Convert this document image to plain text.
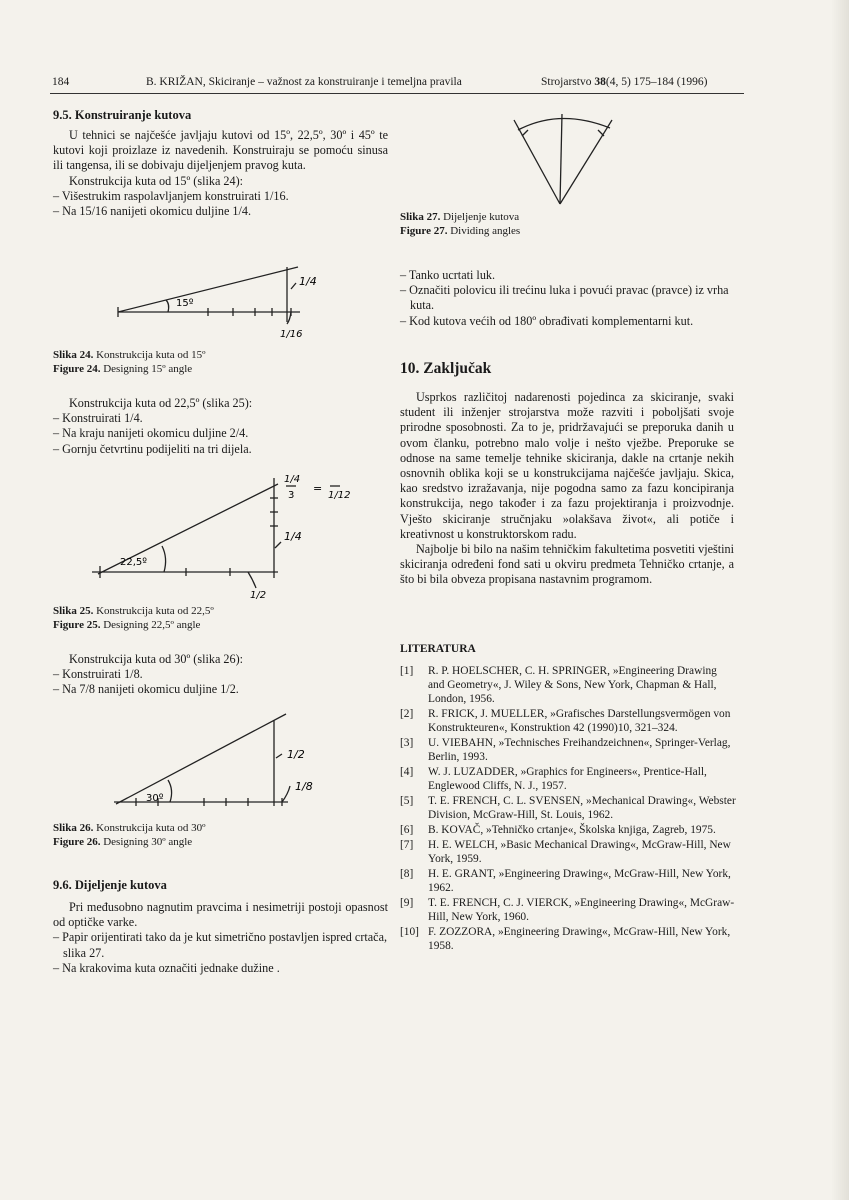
184	B. KRIŽAN, Skiciranje – važnost za konstruiranje i temeljna pravila	Strojarstvo 38(4, 5) 175–184 (1996)
9.5. Konstruiranje kutova

U tehnici se najčešće javljaju kutovi od 15º, 22,5º, 30º i 45º te kutovi koji proizlaze iz navedenih. Konstruiraju se pomoću sinusa ili tangensa, ili se dobivaju dijeljenjem pravog kuta.

Konstrukcija kuta od 15º (slika 24):

– Višestrukim raspolavljanjem konstruirati 1/16.

– Na 15/16 nanijeti okomicu duljine 1/4.

15º
1/4
1/16
Slika 24. Konstrukcija kuta od 15º
Figure 24. Designing 15º angle

Konstrukcija kuta od 22,5º (slika 25):

– Konstruirati 1/4.

– Na kraju nanijeti okomicu duljine 2/4.

– Gornju četvrtinu podijeliti na tri dijela.

22,5º
1/4
3
=
1/12
1/4
1/2
Slika 25. Konstrukcija kuta od 22,5º
Figure 25. Designing 22,5º angle

Konstrukcija kuta od 30º (slika 26):

– Konstruirati 1/8.

– Na 7/8 nanijeti okomicu duljine 1/2.

30º
1/2
1/8
Slika 26. Konstrukcija kuta od 30º
Figure 26. Designing 30º angle
9.6. Dijeljenje kutova

Pri međusobno nagnutim pravcima i nesimetriji postoji opasnost od optičke varke.

– Papir orijentirati tako da je kut simetrično postavljen ispred crtača, slika 27.

– Na krakovima kuta označiti jednake dužine .

Slika 27. Dijeljenje kutova
Figure 27. Dividing angles

– Tanko ucrtati luk.

– Označiti polovicu ili trećinu luka i povući pravac (pravce) iz vrha kuta.

– Kod kutova većih od 180º obrađivati komplementarni kut.

10. Zaključak

Usprkos različitoj nadarenosti pojedinca za skiciranje, svaki student ili inženjer strojarstva može razviti i poboljšati svoje prirodne sposobnosti. Za to je, pridržavajući se preporuka danih u ovom članku, potrebno malo volje i nešto vježbe. Preporuke se odnose na same temelje tehnike skiciranja, dakle na crtanje nekih osnovnih oblika koji se u konstrukcijama najčešće javljaju. Skica, kao sredstvo izražavanja, nije pogodna samo za fazu koncipiranja konstrukcija, nego također i za fazu projektiranja i proizvodnje. Vješto skiciranje stručnjaku »olakšava život«, ali potiče i kreativnost u konstruktorskom radu.

Najbolje bi bilo na našim tehničkim fakultetima posvetiti vještini skiciranja određeni fond sati u okviru predmeta Tehničko crtanje, a što bi bila obveza propisana nastavnim programom.

LITERATURA
[1] R. P. HOELSCHER, C. H. SPRINGER, »Engineering Drawing and Geometry«, J. Wiley & Sons, New York, Chapman & Hall, London, 1956.
[2] R. FRICK, J. MUELLER, »Grafisches Darstellungsvermögen von Konstrukteuren«, Konstruktion 42 (1990)10, 321–324.
[3] U. VIEBAHN, »Technisches Freihandzeichnen«, Springer-Verlag, Berlin, 1993.
[4] W. J. LUZADDER, »Graphics for Engineers«, Prentice-Hall, Englewood Cliffs, N. J., 1957.
[5] T. E. FRENCH, C. L. SVENSEN, »Mechanical Drawing«, Webster Division, McGraw-Hill, St. Louis, 1962.
[6] B. KOVAČ, »Tehničko crtanje«, Školska knjiga, Zagreb, 1975.
[7] H. E. WELCH, »Basic Mechanical Drawing«, McGraw-Hill, New York, 1959.
[8] H. E. GRANT, »Engineering Drawing«, McGraw-Hill, New York, 1962.
[9] T. E. FRENCH, C. J. VIERCK, »Engineering Drawing«, McGraw-Hill, New York, 1960.
[10] F. ZOZZORA, »Engineering Drawing«, McGraw-Hill, New York, 1958.
